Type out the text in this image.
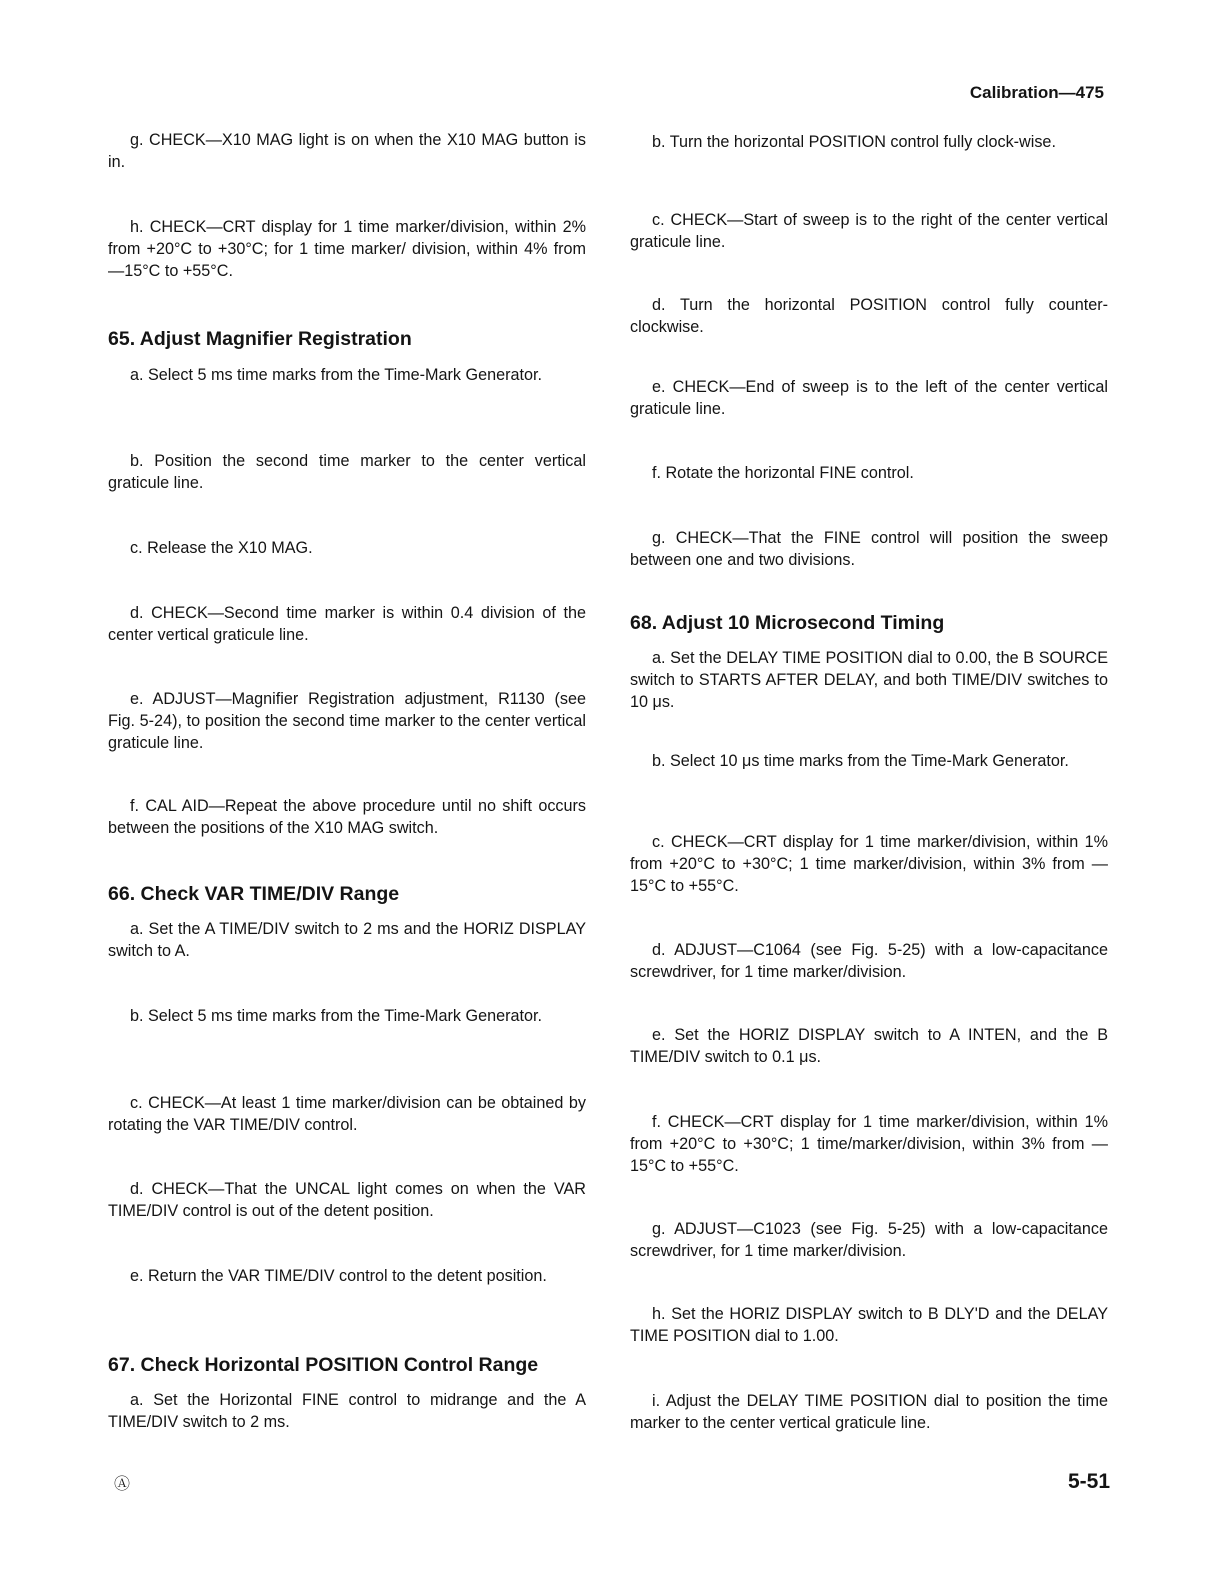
Calibration—475

g. CHECK—X10 MAG light is on when the X10 MAG button is in.

h. CHECK—CRT display for 1 time marker/division, within 2% from +20°C to +30°C; for 1 time marker/ division, within 4% from —15°C to +55°C.

65. Adjust Magnifier Registration

a. Select 5 ms time marks from the Time-Mark Generator.

b. Position the second time marker to the center vertical graticule line.

c. Release the X10 MAG.

d. CHECK—Second time marker is within 0.4 division of the center vertical graticule line.

e. ADJUST—Magnifier Registration adjustment, R1130 (see Fig. 5-24), to position the second time marker to the center vertical graticule line.

f. CAL AID—Repeat the above procedure until no shift occurs between the positions of the X10 MAG switch.

66. Check VAR TIME/DIV Range

a. Set the A TIME/DIV switch to 2 ms and the HORIZ DISPLAY switch to A.

b. Select 5 ms time marks from the Time-Mark Generator.

c. CHECK—At least 1 time marker/division can be obtained by rotating the VAR TIME/DIV control.

d. CHECK—That the UNCAL light comes on when the VAR TIME/DIV control is out of the detent position.

e. Return the VAR TIME/DIV control to the detent position.

67. Check Horizontal POSITION Control Range

a. Set the Horizontal FINE control to midrange and the A TIME/DIV switch to 2 ms.

b. Turn the horizontal POSITION control fully clock-wise.

c. CHECK—Start of sweep is to the right of the center vertical graticule line.

d. Turn the horizontal POSITION control fully counter-clockwise.

e. CHECK—End of sweep is to the left of the center vertical graticule line.

f. Rotate the horizontal FINE control.

g. CHECK—That the FINE control will position the sweep between one and two divisions.

68. Adjust 10 Microsecond Timing

a. Set the DELAY TIME POSITION dial to 0.00, the B SOURCE switch to STARTS AFTER DELAY, and both TIME/DIV switches to 10 μs.

b. Select 10 μs time marks from the Time-Mark Generator.

c. CHECK—CRT display for 1 time marker/division, within 1% from +20°C to +30°C; 1 time marker/division, within 3% from —15°C to +55°C.

d. ADJUST—C1064 (see Fig. 5-25) with a low-capacitance screwdriver, for 1 time marker/division.

e. Set the HORIZ DISPLAY switch to A INTEN, and the B TIME/DIV switch to 0.1 μs.

f. CHECK—CRT display for 1 time marker/division, within 1% from +20°C to +30°C; 1 time/marker/division, within 3% from —15°C to +55°C.

g. ADJUST—C1023 (see Fig. 5-25) with a low-capacitance screwdriver, for 1 time marker/division.

h. Set the HORIZ DISPLAY switch to B DLY'D and the DELAY TIME POSITION dial to 1.00.

i. Adjust the DELAY TIME POSITION dial to position the time marker to the center vertical graticule line.

Ⓐ	5-51
